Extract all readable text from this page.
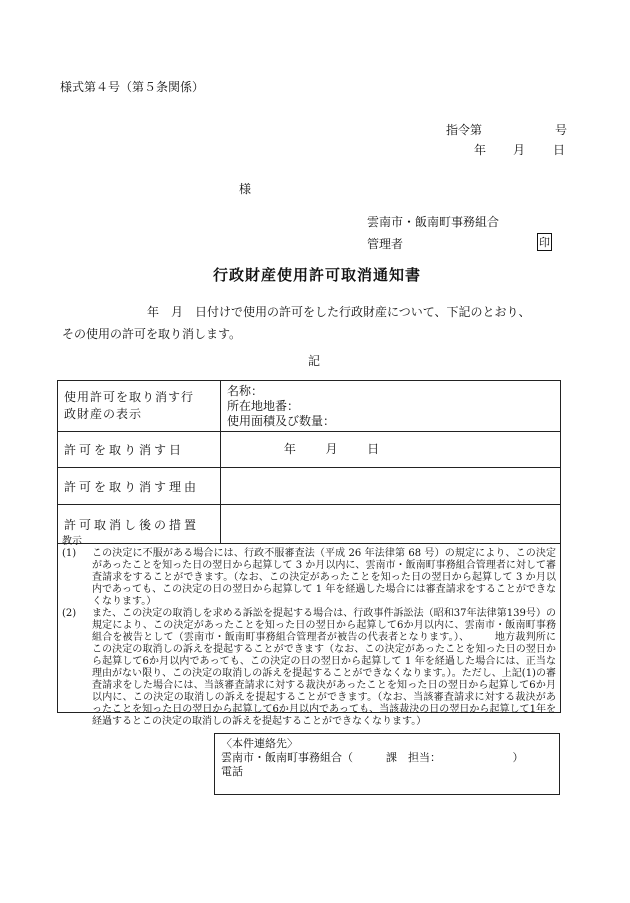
様式第４号（第５条関係）
指令第	号
年 月 日
様
雲南市・飯南町事務組合
管理者	印
行政財産使用許可取消通知書
年　月　日付けで使用の許可をした行政財産について、下記のとおり、
その使用の許可を取り消します。
記
使用許可を取り消す行政財産の表示	名称：
所在地地番：
使用面積及び数量：

許可を取り消す日	年 月 日
許可を取り消す理由	
許可取消し後の措置	
教示
(1) この決定に不服がある場合には、行政不服審査法（平成 26 年法律第 68 号）の規定により、この決定があったことを知った日の翌日から起算して 3 か月以内に、雲南市・飯南町事務組合管理者に対して審査請求をすることができます。（なお、この決定があったことを知った日の翌日から起算して 3 か月以内であっても、この決定の日の翌日から起算して 1 年を経過した場合には審査請求をすることができなくなります。）
(2) また、この決定の取消しを求める訴訟を提起する場合は、行政事件訴訟法（昭和37年法律第139号）の規定により、この決定があったことを知った日の翌日から起算して6か月以内に、雲南市・飯南町事務組合を被告として（雲南市・飯南町事務組合管理者が被告の代表者となります。）、　　　地方裁判所にこの決定の取消しの訴えを提起することができます（なお、この決定があったことを知った日の翌日から起算して6か月以内であっても、この決定の日の翌日から起算して 1 年を経過した場合には、正当な理由がない限り、この決定の取消しの訴えを提起することができなくなります。）。ただし、上記(1)の審査請求をした場合には、当該審査請求に対する裁決があったことを知った日の翌日から起算して6か月以内に、この決定の取消しの訴えを提起することができます。（なお、当該審査請求に対する裁決があったことを知った日の翌日から起算して6か月以内であっても、当該裁決の日の翌日から起算して1年を経過するとこの決定の取消しの訴えを提起することができなくなります。）
〈本件連絡先〉
雲南市・飯南町事務組合（　　　課　担当：　　　　　　　）
電話
